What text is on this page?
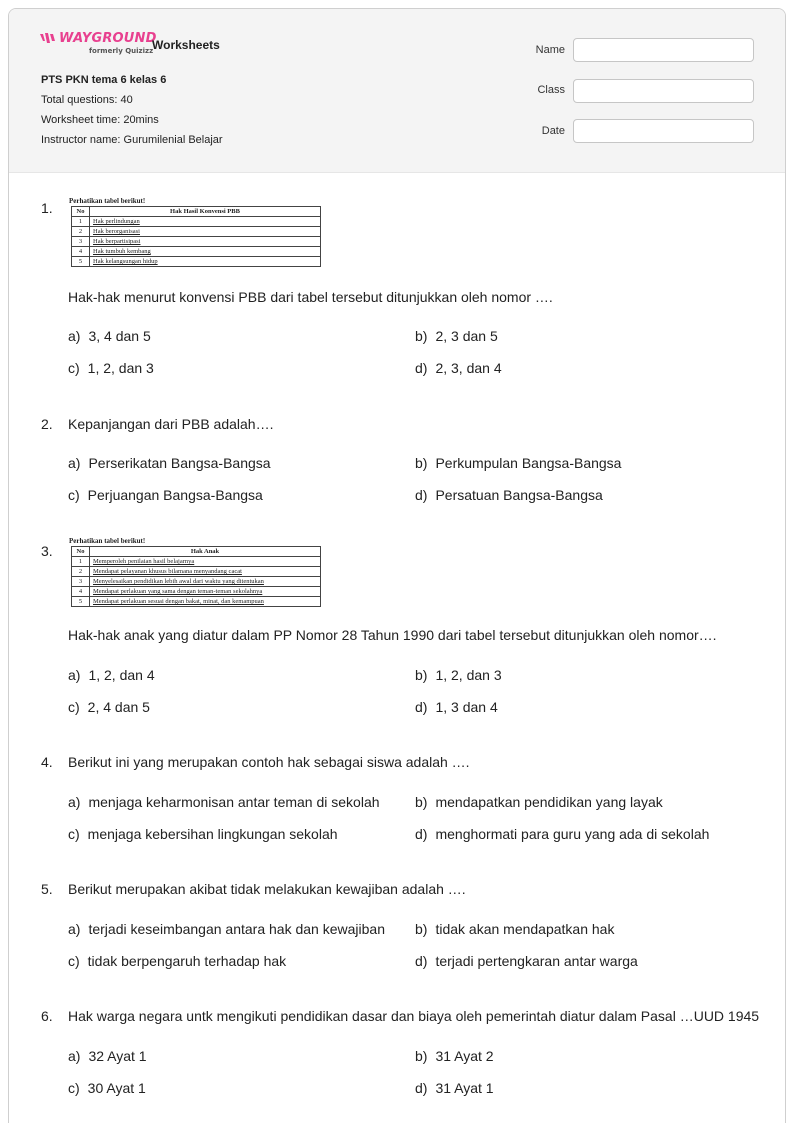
WAYGROUND
formerly Quizizz
Worksheets
PTS PKN tema 6 kelas 6
Total questions: 40
Worksheet time: 20mins
Instructor name: Gurumilenial Belajar
Name
Class
Date
1. Perhatikan tabel berikut!
No	Hak Hasil Konvensi PBB
1	Hak perlindungan
2	Hak berorganisasi
3	Hak berpartisipasi
4	Hak tumbuh kembang
5	Hak kelangsungan hidup
Hak-hak menurut konvensi PBB dari tabel tersebut ditunjukkan oleh nomor ….
a) 3, 4 dan 5	b) 2, 3 dan 5
c) 1, 2, dan 3	d) 2, 3, dan 4
2. Kepanjangan dari PBB adalah….
a) Perserikatan Bangsa-Bangsa	b) Perkumpulan Bangsa-Bangsa
c) Perjuangan Bangsa-Bangsa	d) Persatuan Bangsa-Bangsa
3.
Perhatikan tabel berikut!
No	Hak Anak
1	Memperoleh penilaian hasil belajarnya
2	Mendapat pelayanan khusus bilamana menyandang cacat
3	Menyelesaikan pendidikan lebih awal dari waktu yang ditentukan
4	Mendapat perlakuan yang sama dengan teman-teman sekolahnya
5	Mendapat perlakuan sesuai dengan bakat, minat, dan kemampuan
Hak-hak anak yang diatur dalam PP Nomor 28 Tahun 1990 dari tabel tersebut ditunjukkan oleh nomor….
a) 1, 2, dan 4	b) 1, 2, dan 3
c) 2, 4 dan 5	d) 1, 3 dan 4
4. Berikut ini yang merupakan contoh hak sebagai siswa adalah ….
a) menjaga keharmonisan antar teman di sekolah	b) mendapatkan pendidikan yang layak
c) menjaga kebersihan lingkungan sekolah	d) menghormati para guru yang ada di sekolah
5. Berikut merupakan akibat tidak melakukan kewajiban adalah ….
a) terjadi keseimbangan antara hak dan kewajiban b) tidak akan mendapatkan hak
c) tidak berpengaruh terhadap hak	d) terjadi pertengkaran antar warga
6. Hak warga negara untk mengikuti pendidikan dasar dan biaya oleh pemerintah diatur dalam Pasal …UUD 1945
a) 32 Ayat 1	b) 31 Ayat 2
c) 30 Ayat 1	d) 31 Ayat 1
